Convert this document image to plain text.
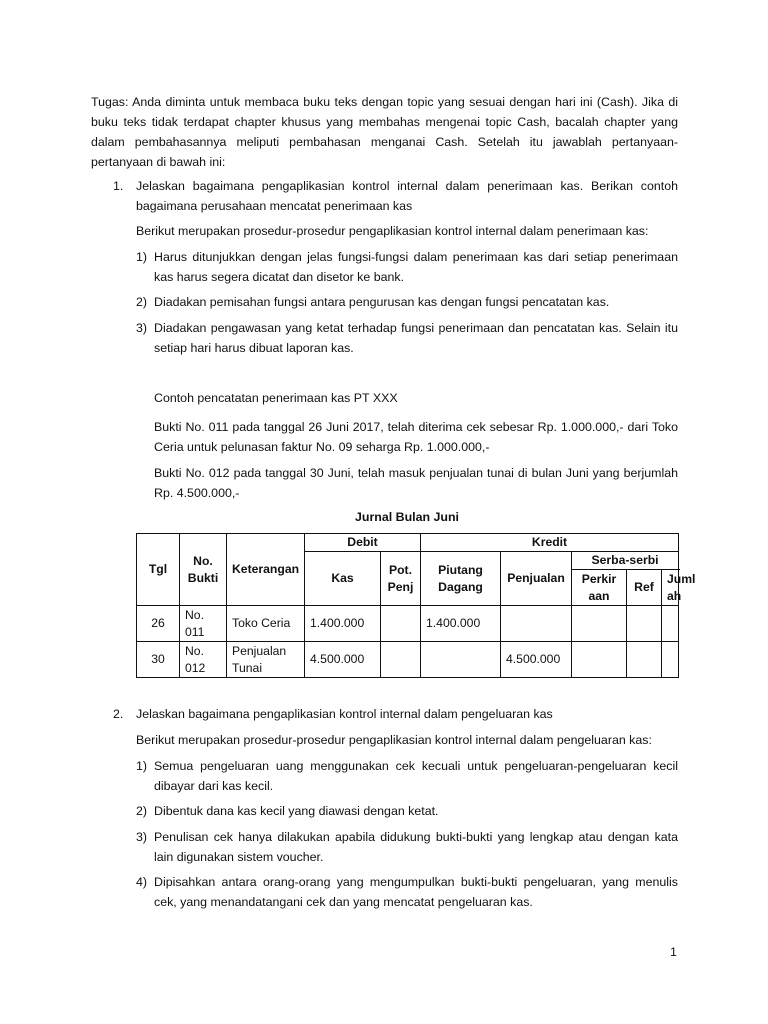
Tugas: Anda diminta untuk membaca buku teks dengan topic yang sesuai dengan hari ini (Cash). Jika di buku teks tidak terdapat chapter khusus yang membahas mengenai topic Cash, bacalah chapter yang dalam pembahasannya meliputi pembahasan menganai Cash. Setelah itu jawablah pertanyaan-pertanyaan di bawah ini:

1. Jelaskan bagaimana pengaplikasian kontrol internal dalam penerimaan kas. Berikan contoh bagaimana perusahaan mencatat penerimaan kas

Berikut merupakan prosedur-prosedur pengaplikasian kontrol internal dalam penerimaan kas:

1) Harus ditunjukkan dengan jelas fungsi-fungsi dalam penerimaan kas dari setiap penerimaan kas harus segera dicatat dan disetor ke bank.

2) Diadakan pemisahan fungsi antara pengurusan kas dengan fungsi pencatatan kas.

3) Diadakan pengawasan yang ketat terhadap fungsi penerimaan dan pencatatan kas. Selain itu setiap hari harus dibuat laporan kas.

Contoh pencatatan penerimaan kas PT XXX

Bukti No. 011 pada tanggal 26 Juni 2017, telah diterima cek sebesar Rp. 1.000.000,- dari Toko Ceria untuk pelunasan faktur No. 09 seharga Rp. 1.000.000,-

Bukti No. 012 pada tanggal 30 Juni, telah masuk penjualan tunai di bulan Juni yang berjumlah Rp. 4.500.000,-

Jurnal Bulan Juni

Tgl	No. Bukti	Keterangan	Debit		Kredit				
			Kas	Pot. Penj	Piutang Dagang	Penjualan	Serba-serbi		
							Perkir aan	Ref	Juml ah
26	No. 011	Toko Ceria	1.400.000		1.400.000				
30	No. 012	Penjualan Tunai	4.500.000			4.500.000			
2. Jelaskan bagaimana pengaplikasian kontrol internal dalam pengeluaran kas

Berikut merupakan prosedur-prosedur pengaplikasian kontrol internal dalam pengeluaran kas:

1) Semua pengeluaran uang menggunakan cek kecuali untuk pengeluaran-pengeluaran kecil dibayar dari kas kecil.

2) Dibentuk dana kas kecil yang diawasi dengan ketat.

3) Penulisan cek hanya dilakukan apabila didukung bukti-bukti yang lengkap atau dengan kata lain digunakan sistem voucher.

4) Dipisahkan antara orang-orang yang mengumpulkan bukti-bukti pengeluaran, yang menulis cek, yang menandatangani cek dan yang mencatat pengeluaran kas.

1
